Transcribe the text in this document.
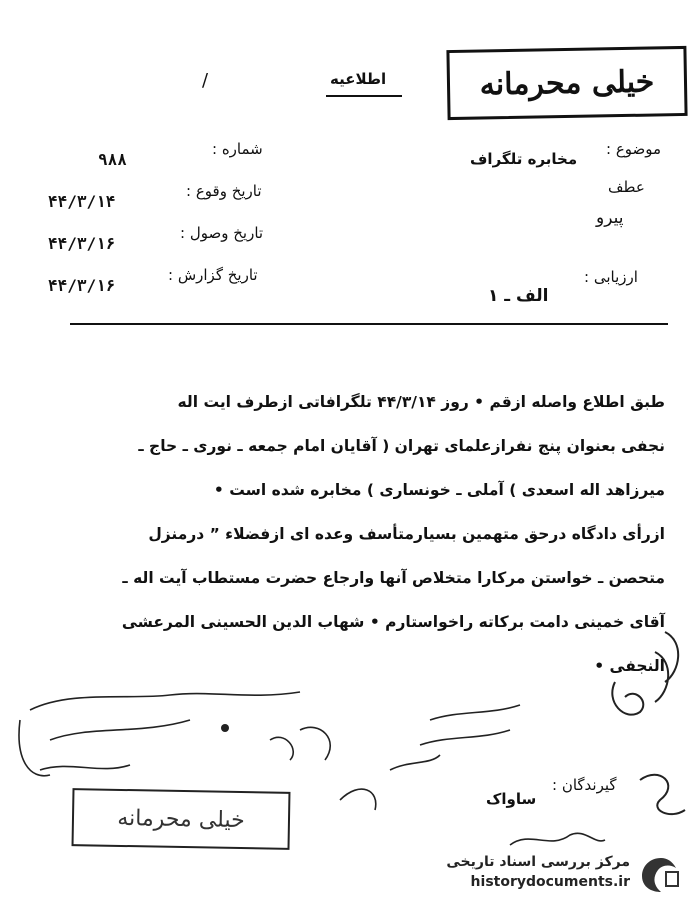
خیلی محرمانه
اطلاعیه
/
موضوع :
مخابره تلگراف
عطف
پیرو
ارزیابی :
الف ـ ۱
شماره :
۹۸۸
تاریخ وقوع :
۴۴/۳/۱۴
تاریخ وصول :
۴۴/۳/۱۶
تاریخ گزارش :
۴۴/۳/۱۶

طبق اطلاع واصله ازقم • روز ۴۴/۳/۱۴ تلگرافاتی ازطرف ایت اله

نجفی بعنوان پنج نفرازعلمای تهران ( آقایان امام جمعه ـ نوری ـ حاج ـ

میرزاهد اله اسعدی ) آملی ـ خونساری ) مخابره شده است •

ازرأی دادگاه درحق متهمین بسیارمتأسف وعده ای ازفضلاء ” درمنزل

متحصن ـ خواستن مرکارا متخلاص آنها وارجاع حضرت مستطاب آیت اله ـ

آقای خمینی دامت برکاته راخواستارم • شهاب الدین الحسینی المرعشی

النجفی •

گیرندگان :
ساواک
خیلی محرمانه
مرکز بررسی اسناد تاریخی
historydocuments.ir
